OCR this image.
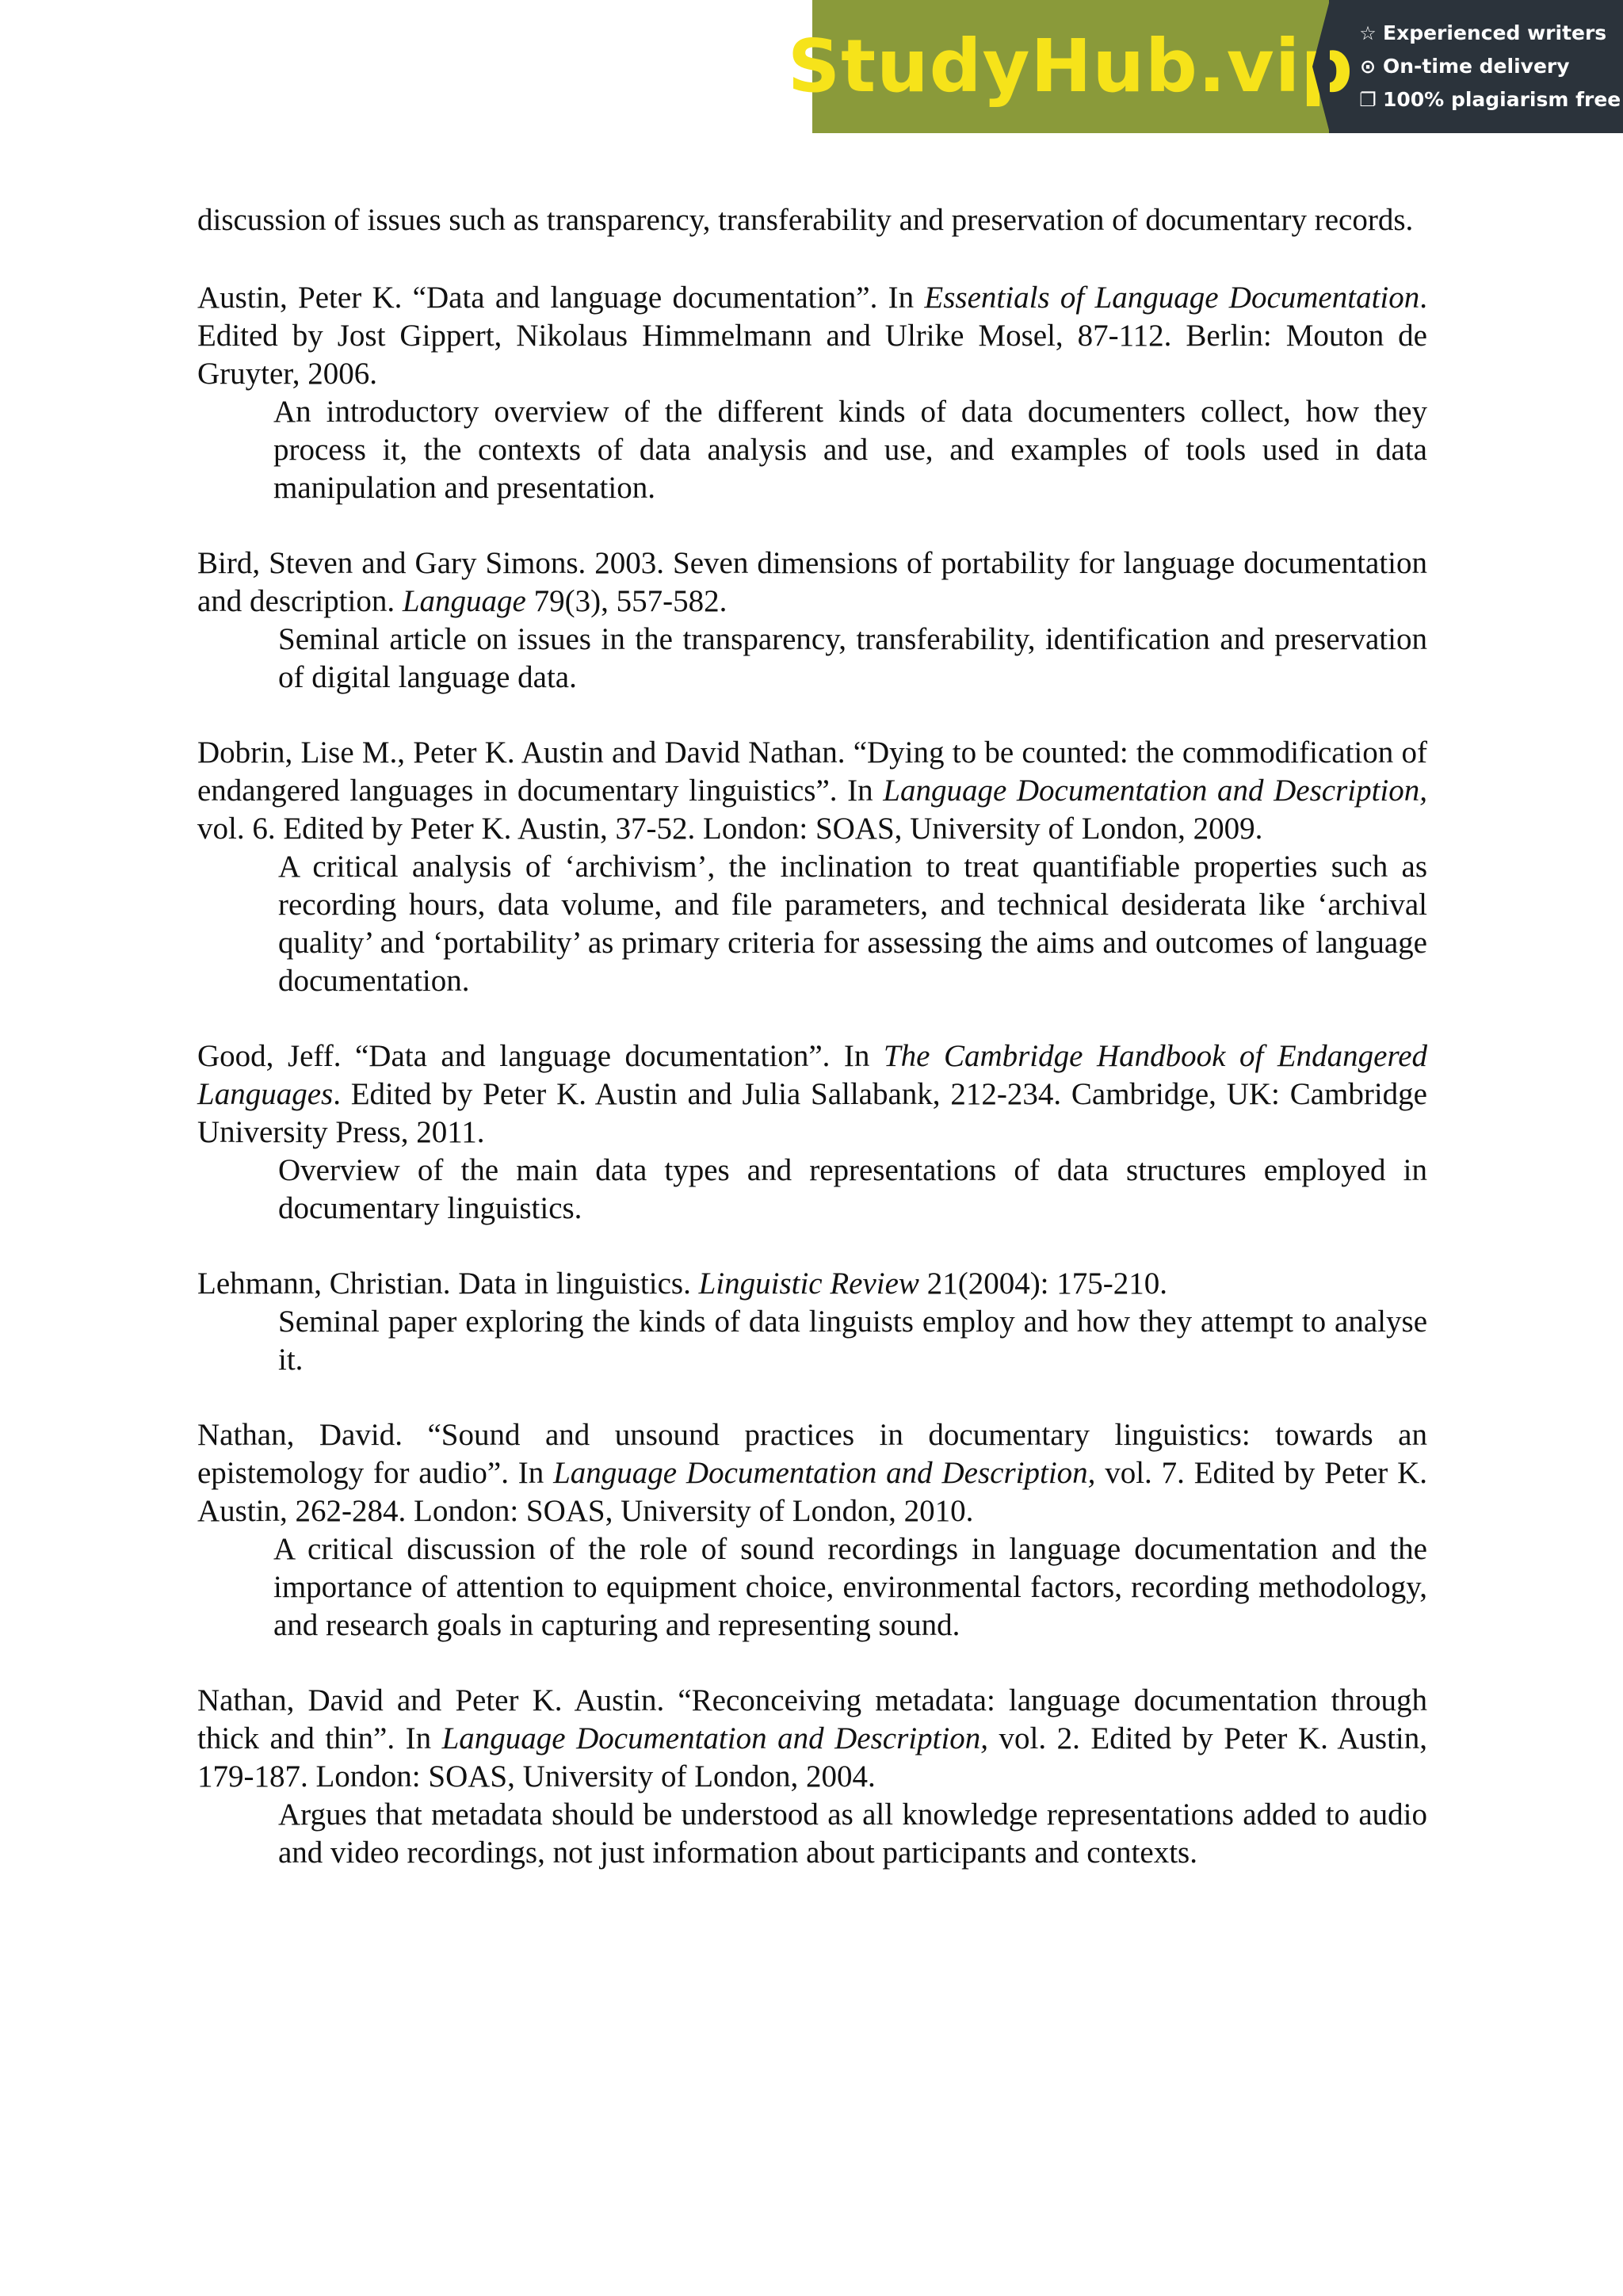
StudyHub.vip ☆ Experienced writers
⊙ On-time delivery
❐ 100% plagiarism free

discussion of issues such as transparency, transferability and preservation of documentary records.

Austin, Peter K. “Data and language documentation”. In Essentials of Language Documentation. Edited by Jost Gippert, Nikolaus Himmelmann and Ulrike Mosel, 87-112. Berlin: Mouton de Gruyter, 2006.

An introductory overview of the different kinds of data documenters collect, how they process it, the contexts of data analysis and use, and examples of tools used in data manipulation and presentation.

Bird, Steven and Gary Simons. 2003. Seven dimensions of portability for language documentation and description. Language 79(3), 557-582.

Seminal article on issues in the transparency, transferability, identification and preservation of digital language data.

Dobrin, Lise M., Peter K. Austin and David Nathan. “Dying to be counted: the commodification of endangered languages in documentary linguistics”. In Language Documentation and Description, vol. 6. Edited by Peter K. Austin, 37-52. London: SOAS, University of London, 2009.

A critical analysis of ‘archivism’, the inclination to treat quantifiable properties such as recording hours, data volume, and file parameters, and technical desiderata like ‘archival quality’ and ‘portability’ as primary criteria for assessing the aims and outcomes of language documentation.

Good, Jeff. “Data and language documentation”. In The Cambridge Handbook of Endangered Languages. Edited by Peter K. Austin and Julia Sallabank, 212-234. Cambridge, UK: Cambridge University Press, 2011.

Overview of the main data types and representations of data structures employed in documentary linguistics.

Lehmann, Christian. Data in linguistics. Linguistic Review 21(2004): 175-210.

Seminal paper exploring the kinds of data linguists employ and how they attempt to analyse it.

Nathan, David. “Sound and unsound practices in documentary linguistics: towards an epistemology for audio”. In Language Documentation and Description, vol. 7. Edited by Peter K. Austin, 262-284. London: SOAS, University of London, 2010.

A critical discussion of the role of sound recordings in language documentation and the importance of attention to equipment choice, environmental factors, recording methodology, and research goals in capturing and representing sound.

Nathan, David and Peter K. Austin. “Reconceiving metadata: language documentation through thick and thin”. In Language Documentation and Description, vol. 2. Edited by Peter K. Austin, 179-187. London: SOAS, University of London, 2004.

Argues that metadata should be understood as all knowledge representations added to audio and video recordings, not just information about participants and contexts.
